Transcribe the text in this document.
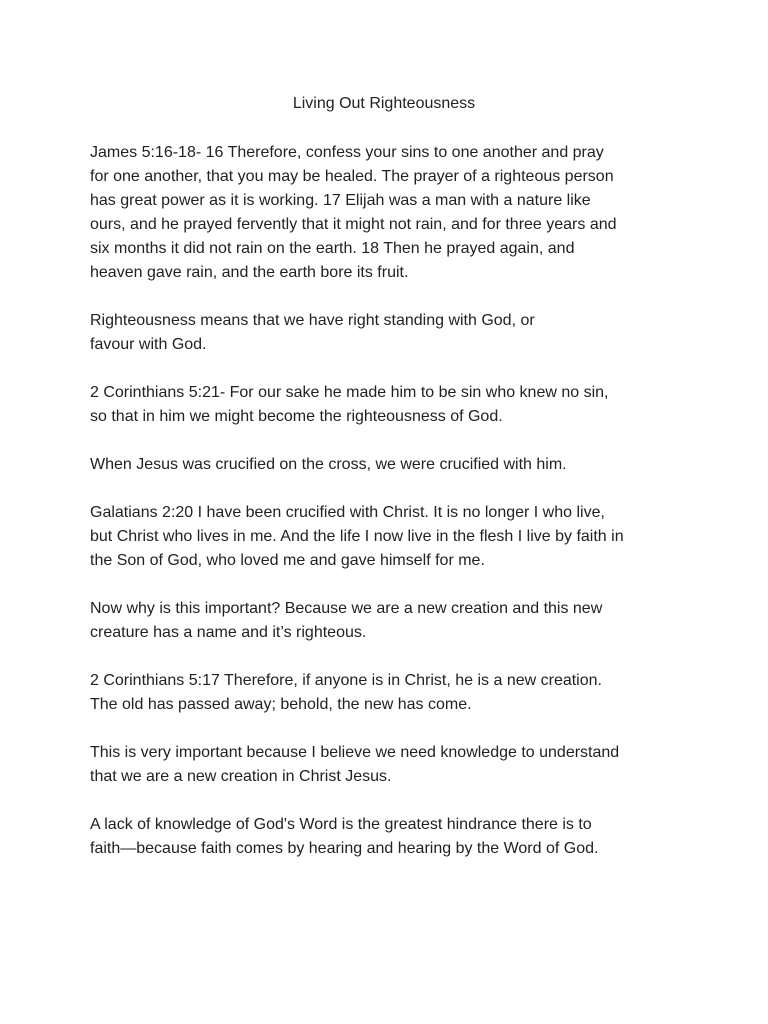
Living Out Righteousness

James 5:16-18- 16 Therefore, confess your sins to one another and pray
for one another, that you may be healed. The prayer of a righteous person
has great power as it is working. 17 Elijah was a man with a nature like
ours, and he prayed fervently that it might not rain, and for three years and
six months it did not rain on the earth. 18 Then he prayed again, and
heaven gave rain, and the earth bore its fruit.

Righteousness means that we have right standing with God, or
favour with God.

2 Corinthians 5:21- For our sake he made him to be sin who knew no sin,
so that in him we might become the righteousness of God.

When Jesus was crucified on the cross, we were crucified with him.

Galatians 2:20 I have been crucified with Christ. It is no longer I who live,
but Christ who lives in me. And the life I now live in the flesh I live by faith in
the Son of God, who loved me and gave himself for me.

Now why is this important? Because we are a new creation and this new
creature has a name and it’s righteous.

2 Corinthians 5:17 Therefore, if anyone is in Christ, he is a new creation.
The old has passed away; behold, the new has come.

This is very important because I believe we need knowledge to understand
that we are a new creation in Christ Jesus.

A lack of knowledge of God's Word is the greatest hindrance there is to
faith—because faith comes by hearing and hearing by the Word of God.
